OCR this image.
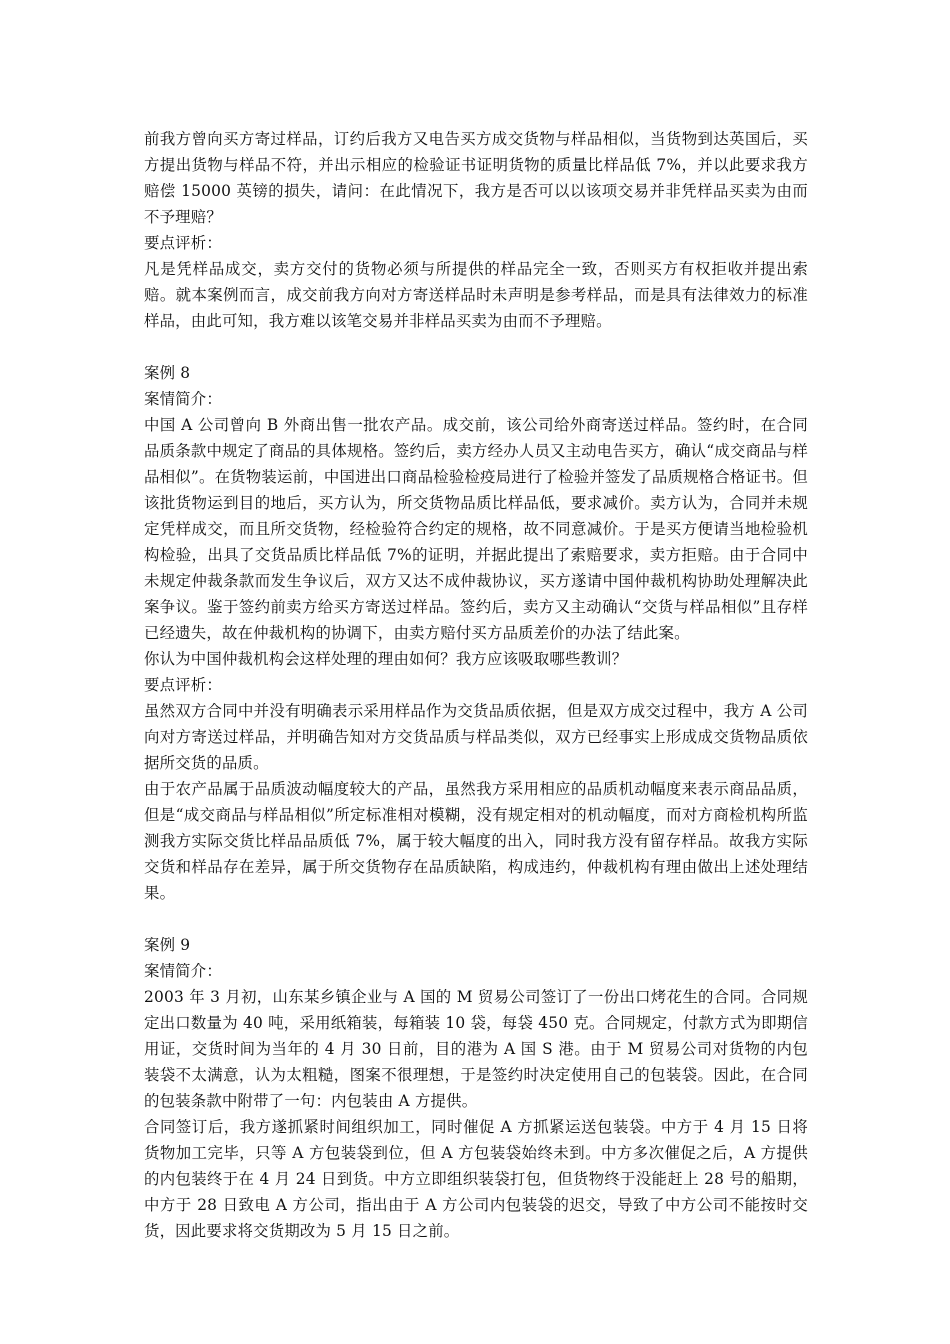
前我方曾向买方寄过样品，订约后我方又电告买方成交货物与样品相似，当货物到达英国后，买方提出货物与样品不符，并出示相应的检验证书证明货物的质量比样品低 7%，并以此要求我方赔偿 15000 英镑的损失，请问：在此情况下，我方是否可以以该项交易并非凭样品买卖为由而不予理赔？

要点评析：

凡是凭样品成交，卖方交付的货物必须与所提供的样品完全一致，否则买方有权拒收并提出索赔。就本案例而言，成交前我方向对方寄送样品时未声明是参考样品，而是具有法律效力的标准样品，由此可知，我方难以该笔交易并非样品买卖为由而不予理赔。

案例 8

案情简介：

中国 A 公司曾向 B 外商出售一批农产品。成交前，该公司给外商寄送过样品。签约时，在合同品质条款中规定了商品的具体规格。签约后，卖方经办人员又主动电告买方，确认“成交商品与样品相似”。在货物装运前，中国进出口商品检验检疫局进行了检验并签发了品质规格合格证书。但该批货物运到目的地后，买方认为，所交货物品质比样品低，要求减价。卖方认为，合同并未规定凭样成交，而且所交货物，经检验符合约定的规格，故不同意减价。于是买方便请当地检验机构检验，出具了交货品质比样品低 7%的证明，并据此提出了索赔要求，卖方拒赔。由于合同中未规定仲裁条款而发生争议后，双方又达不成仲裁协议，买方遂请中国仲裁机构协助处理解决此案争议。鉴于签约前卖方给买方寄送过样品。签约后，卖方又主动确认“交货与样品相似”且存样已经遗失，故在仲裁机构的协调下，由卖方赔付买方品质差价的办法了结此案。

你认为中国仲裁机构会这样处理的理由如何？我方应该吸取哪些教训？

要点评析：

虽然双方合同中并没有明确表示采用样品作为交货品质依据，但是双方成交过程中，我方 A 公司向对方寄送过样品，并明确告知对方交货品质与样品类似，双方已经事实上形成成交货物品质依据所交货的品质。

由于农产品属于品质波动幅度较大的产品，虽然我方采用相应的品质机动幅度来表示商品品质，但是“成交商品与样品相似”所定标准相对模糊，没有规定相对的机动幅度，而对方商检机构所监测我方实际交货比样品品质低 7%，属于较大幅度的出入，同时我方没有留存样品。故我方实际交货和样品存在差异，属于所交货物存在品质缺陷，构成违约，仲裁机构有理由做出上述处理结果。

案例 9

案情简介：

2003 年 3 月初，山东某乡镇企业与 A 国的 M 贸易公司签订了一份出口烤花生的合同。合同规定出口数量为 40 吨，采用纸箱装，每箱装 10 袋，每袋 450 克。合同规定，付款方式为即期信用证，交货时间为当年的 4 月 30 日前，目的港为 A 国 S 港。由于 M 贸易公司对货物的内包装袋不太满意，认为太粗糙，图案不很理想，于是签约时决定使用自己的包装袋。因此，在合同的包装条款中附带了一句：内包装由 A 方提供。

合同签订后，我方遂抓紧时间组织加工，同时催促 A 方抓紧运送包装袋。中方于 4 月 15 日将货物加工完毕，只等 A 方包装袋到位，但 A 方包装袋始终未到。中方多次催促之后，A 方提供的内包装终于在 4 月 24 日到货。中方立即组织装袋打包，但货物终于没能赶上 28 号的船期，中方于 28 日致电 A 方公司，指出由于 A 方公司内包装袋的迟交，导致了中方公司不能按时交货，因此要求将交货期改为 5 月 15 日之前。
